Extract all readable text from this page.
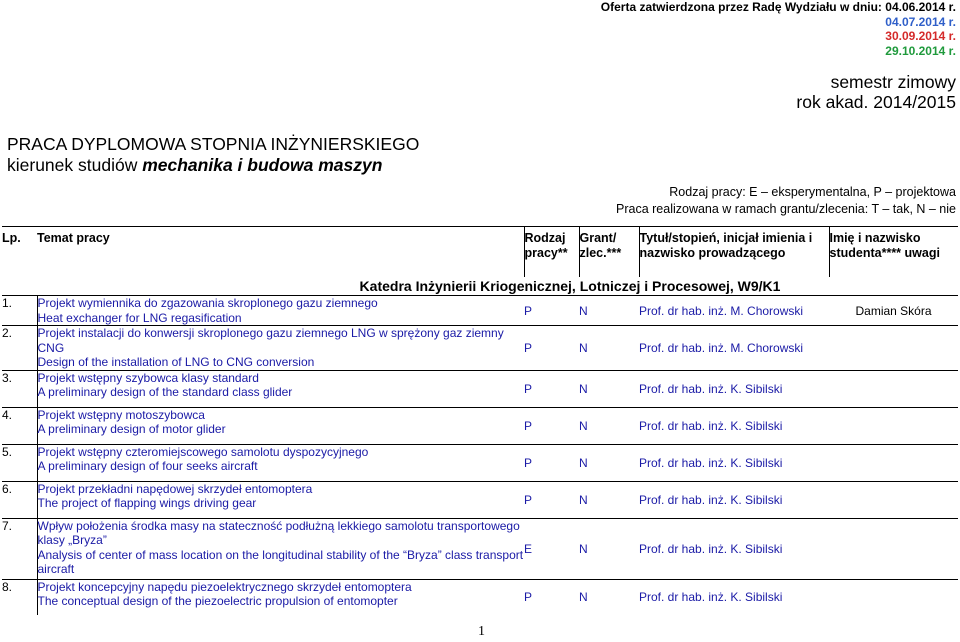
Oferta zatwierdzona przez Radę Wydziału w dniu: 04.06.2014 r.
04.07.2014 r.
30.09.2014 r.
29.10.2014 r.
semestr zimowy
rok akad. 2014/2015
PRACA DYPLOMOWA STOPNIA INŻYNIERSKIEGO
kierunek studiów mechanika i budowa maszyn
Rodzaj pracy: E – eksperymentalna, P – projektowa
Praca realizowana w ramach grantu/zlecenia: T – tak, N – nie
Lp.	Temat pracy	Rodzaj pracy**	Grant/ zlec.***	Tytuł/stopień, inicjał imienia i nazwisko prowadzącego	Imię i nazwisko studenta**** uwagi
Katedra Inżynierii Kriogenicznej, Lotniczej i Procesowej, W9/K1					
1.	Projekt wymiennika do zgazowania skroplonego gazu ziemnego
Heat exchanger for LNG regasification	P	N	Prof. dr hab. inż. M. Chorowski	Damian Skóra
2.	Projekt instalacji do konwersji skroplonego gazu ziemnego LNG w sprężony gaz ziemny CNG
Design of the installation of LNG to CNG conversion	P	N	Prof. dr hab. inż. M. Chorowski	
3.	Projekt wstępny szybowca klasy standard
A preliminary design of the standard class glider	P	N	Prof. dr hab. inż. K. Sibilski	
4.	Projekt wstępny motoszybowca
A preliminary design of motor glider	P	N	Prof. dr hab. inż. K. Sibilski	
5.	Projekt wstępny czteromiejscowego samolotu dyspozycyjnego
A preliminary design of four seeks aircraft	P	N	Prof. dr hab. inż. K. Sibilski	
6.	Projekt przekładni napędowej skrzydeł entomoptera
The project of flapping wings driving gear	P	N	Prof. dr hab. inż. K. Sibilski	
7.	Wpływ położenia środka masy na stateczność podłużną lekkiego samolotu transportowego klasy „Bryza”
Analysis of center of mass location on the longitudinal stability of the “Bryza” class transport aircraft	E	N	Prof. dr hab. inż. K. Sibilski	
8.	Projekt koncepcyjny napędu piezoelektrycznego skrzydeł entomoptera
The conceptual design of the piezoelectric propulsion of entomopter	P	N	Prof. dr hab. inż. K. Sibilski	
1
